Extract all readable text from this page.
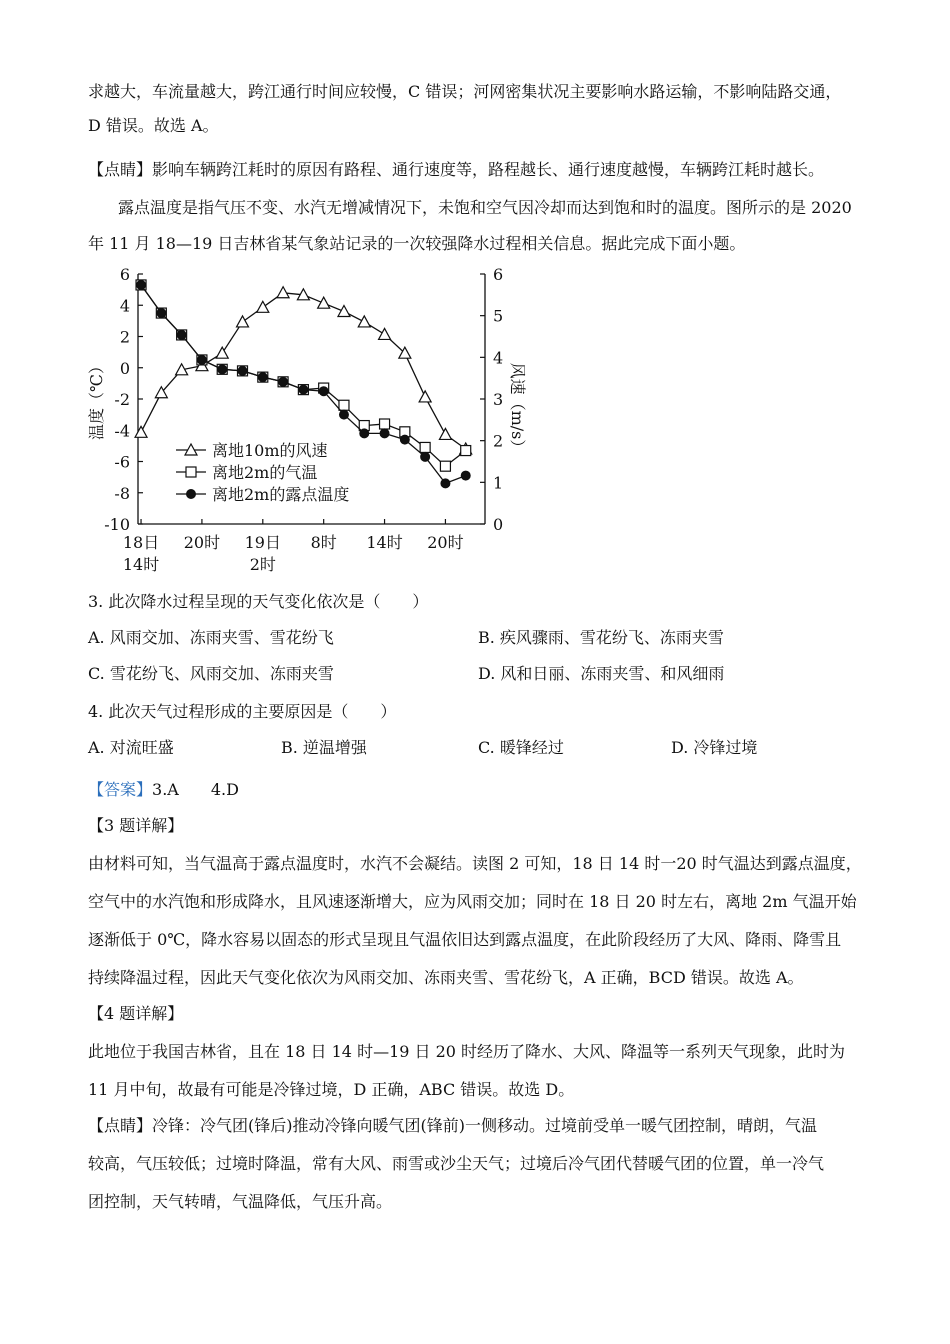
求越大，车流量越大，跨江通行时间应较慢，C 错误；河网密集状况主要影响水路运输，不影响陆路交通，
D 错误。故选 A。
【点睛】影响车辆跨江耗时的原因有路程、通行速度等，路程越长、通行速度越慢，车辆跨江耗时越长。
露点温度是指气压不变、水汽无增减情况下，未饱和空气因冷却而达到饱和时的温度。图所示的是 2020
年 11 月 18—19 日吉林省某气象站记录的一次较强降水过程相关信息。据此完成下面小题。
6
4
2
0
-2
-4
-6
-8
-10
6
5
4
3
2
1
0
18日
14时
20时 19日
2时
8时 14时 20时
温度（℃）	风速（m/s）
离地10m的风速
离地2m的气温
离地2m的露点温度
3. 此次降水过程呈现的天气变化依次是（　　）
A. 风雨交加、冻雨夹雪、雪花纷飞	B. 疾风骤雨、雪花纷飞、冻雨夹雪
C. 雪花纷飞、风雨交加、冻雨夹雪	D. 风和日丽、冻雨夹雪、和风细雨
4. 此次天气过程形成的主要原因是（　　）
A. 对流旺盛	B. 逆温增强	C. 暖锋经过	D. 冷锋过境
【答案】3.A　　4.D
【3 题详解】
由材料可知，当气温高于露点温度时，水汽不会凝结。读图 2 可知，18 日 14 时一20 时气温达到露点温度，
空气中的水汽饱和形成降水，且风速逐渐增大，应为风雨交加；同时在 18 日 20 时左右，离地 2m 气温开始
逐渐低于 0℃，降水容易以固态的形式呈现且气温依旧达到露点温度，在此阶段经历了大风、降雨、降雪且
持续降温过程，因此天气变化依次为风雨交加、冻雨夹雪、雪花纷飞，A 正确，BCD 错误。故选 A。
【4 题详解】
此地位于我国吉林省，且在 18 日 14 时—19 日 20 时经历了降水、大风、降温等一系列天气现象，此时为
11 月中旬，故最有可能是冷锋过境，D 正确，ABC 错误。故选 D。
【点睛】冷锋：冷气团(锋后)推动冷锋向暖气团(锋前)一侧移动。过境前受单一暖气团控制，晴朗，气温
较高，气压较低；过境时降温，常有大风、雨雪或沙尘天气；过境后冷气团代替暖气团的位置，单一冷气
团控制，天气转晴，气温降低，气压升高。
